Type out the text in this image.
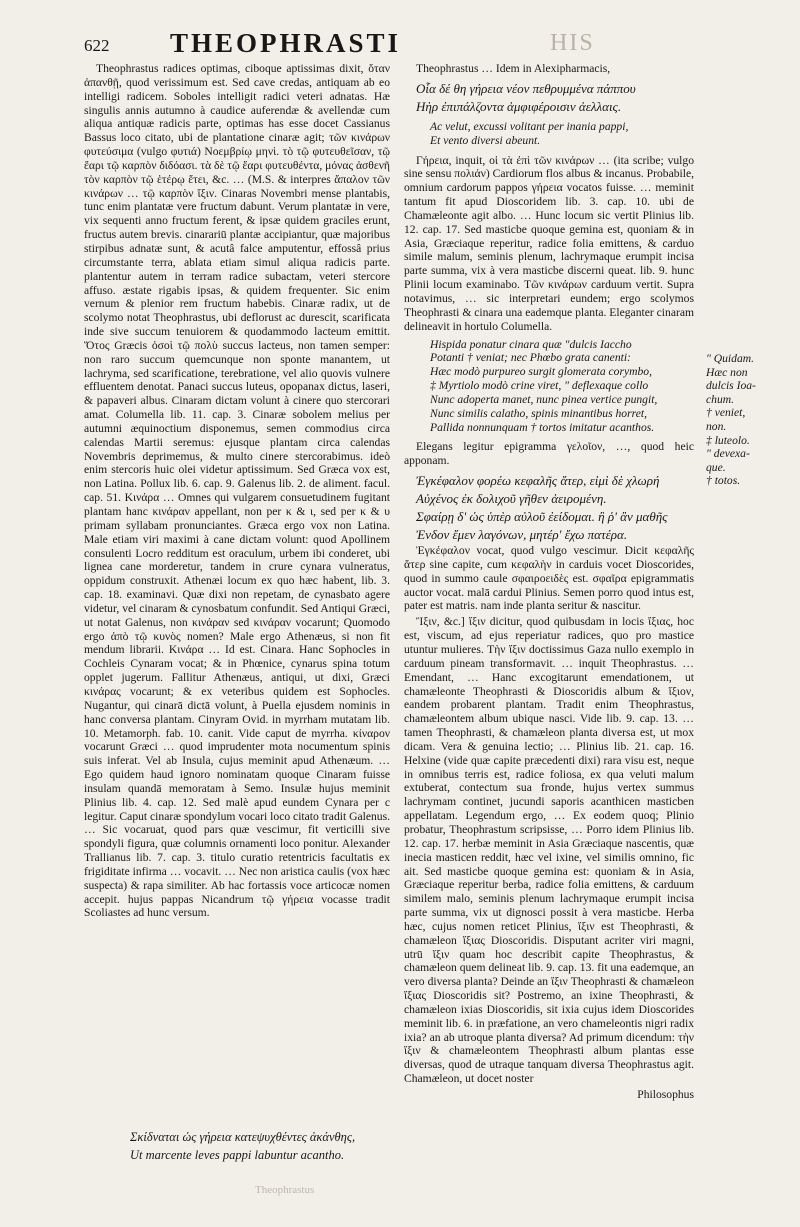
622 THEOPHRASTI	HIS

Theophrastus radices optimas, ciboque aptissimas dixit, ὅταν ἀπανθῇ, quod verissimum est. Sed cave credas, antiquam ab eo intelligi radicem. Soboles intelligit radici veteri adnatas. Hæ singulis annis autumno à caudice auferendæ & avellendæ cum aliqua antiquæ radicis parte, optimas has esse docet Cassianus Bassus loco citato, ubi de plantatione cinaræ agit; τῶν κινάρων φυτεύσιμα (vulgo φυτιά) Νοεμβρίῳ μηνὶ. τὸ τῷ φυτευθεῖσαν, τῷ ἔαρι τῷ καρπὸν διδόασι. τὰ δὲ τῷ ἔαρι φυτευθέντα, μόνας ἀσθενῆ τὸν καρπὸν τῷ ἑτέρῳ ἔτει, &c. … (M.S. & interpres ἄπαλον τῶν κινάρων … τῷ καρπὸν ἴξιν. Cinaras Novembri mense plantabis, tunc enim plantatæ vere fructum dabunt. Verum plantatæ in vere, vix sequenti anno fructum ferent, & ipsæ quidem graciles erunt, fructus autem brevis. cinarariū plantæ accipiantur, quæ majoribus stirpibus adnatæ sunt, & acutâ falce amputentur, effossâ prius circumstante terra, ablata etiam simul aliqua radicis parte. plantentur autem in terram radice subactam, veteri stercore affuso. æstate rigabis ipsas, & quidem frequenter. Sic enim vernum & plenior rem fructum habebis. Cinaræ radix, ut de scolymo notat Theophrastus, ubi deflorust ac durescit, scarificata inde sive succum tenuiorem & quodammodo lacteum emittit. Ὅτος Græcis ὀσοὶ τῷ πολὺ succus lacteus, non tamen semper: non raro succum quemcunque non sponte manantem, ut lachryma, sed scarificatione, terebratione, vel alio quovis vulnere effluentem denotat. Panaci succus luteus, opopanax dictus, laseri, & papaveri albus. Cinaram dictam volunt à cinere quo stercorari amat. Columella lib. 11. cap. 3. Cinaræ sobolem melius per autumni æquinoctium disponemus, semen commodius circa calendas Martii seremus: ejusque plantam circa calendas Novembris deprimemus, & multo cinere stercorabimus. ideò enim stercoris huic olei videtur aptissimum. Sed Græca vox est, non Latina. Pollux lib. 6. cap. 9. Galenus lib. 2. de aliment. facul. cap. 51. Κινάρα … Omnes qui vulgarem consuetudinem fugitant plantam hanc κινάραν appellant, non per κ & ι, sed per κ & υ primam syllabam pronunciantes. Græca ergo vox non Latina. Male etiam viri maximi à cane dictam volunt: quod Apollinem consulenti Locro redditum est oraculum, urbem ibi conderet, ubi lignea cane morderetur, tandem in crure cynara vulneratus, oppidum construxit. Athenæi locum ex quo hæc habent, lib. 3. cap. 18. examinavi. Quæ dixi non repetam, de cynasbato agere videtur, vel cinaram & cynosbatum confundit. Sed Antiqui Græci, ut notat Galenus, non κινάραν sed κινάραν vocarunt; Quomodo ergo ἀπὸ τῷ κυνὸς nomen? Male ergo Athenæus, si non fit mendum librarii. Κινάρα … Id est. Cinara. Hanc Sophocles in Cochleis Cynaram vocat; & in Phœnice, cynarus spina totum opplet jugerum. Fallitur Athenæus, antiqui, ut dixi, Græci κινάρας vocarunt; & ex veteribus quidem est Sophocles. Nugantur, qui cinarā dictā volunt, à Puella ejusdem nominis in hanc conversa plantam. Cinyram Ovid. in myrrham mutatam lib. 10. Metamorph. fab. 10. canit. Vide caput de myrrha. κίναρον vocarunt Græci … quod imprudenter mota nocumentum spinis suis inferat. Vel ab Insula, cujus meminit apud Athenæum. … Ego quidem haud ignoro nominatam quoque Cinaram fuisse insulam quandā memoratam à Semo. Insulæ hujus meminit Plinius lib. 4. cap. 12. Sed malè apud eundem Cynara per c legitur. Caput cinaræ spondylum vocari loco citato tradit Galenus. … Sic vocaruat, quod pars quæ vescimur, fit verticilli sive spondyli figura, quæ columnis ornamenti loco ponitur. Alexander Trallianus lib. 7. cap. 3. titulo curatio retentricis facultatis ex frigiditate infirma … vocavit. … Nec non aristica caulis (vox hæc suspecta) & rapa similiter. Ab hac fortassis voce articocæ nomen accepit. hujus pappas Nicandrum τῷ γήρεια vocasse tradit Scoliastes ad hunc versum.

Σκίδναται ὡς γήρεια κατεψυχθέντες ἀκάνθης,
Ut marcente leves pappi labuntur acantho.

Theophrastus … Idem in Alexipharmacis,

Οἷα δέ θη γήρεια νέον πεθρυμμένα πάππου
Ηὴρ ἐπιπάλζοντα ἀμφιφέροισιν ἀελλαις.
Ac velut, excussi volitant per inania pappi,
Et vento diversi abeunt.

Γήρεια, inquit, οἱ τὰ ἐπὶ τῶν κινάρων … (ita scribe; vulgo sine sensu πολιάν) Cardiorum flos albus & incanus. Probabile, omnium cardorum pappos γήρεια vocatos fuisse. … meminit tantum fit apud Dioscoridem lib. 3. cap. 10. ubi de Chamæleonte agit albo. … Hunc locum sic vertit Plinius lib. 12. cap. 17. Sed masticbe quoque gemina est, quoniam & in Asia, Græciaque reperitur, radice folia emittens, & carduo simile malum, seminis plenum, lachrymaque erumpit incisa parte summa, vix à vera masticbe discerni queat. lib. 9. hunc Plinii locum examinabo. Τῶν κινάρων carduum vertit. Supra notavimus, … sic interpretari eundem; ergo scolymos Theophrasti & cinara una eademque planta. Eleganter cinaram delineavit in hortulo Columella.

Hispida ponatur cinara quæ "dulcis Iaccho
Potanti † veniat; nec Phœbo grata canenti:
Hæc modò purpureo surgit glomerata corymbo,
‡ Myrtiolo modò crine viret, " deflexaque collo
Nunc adoperta manet, nunc pinea vertice pungit,
Nunc similis calatho, spinis minantibus horret,
Pallida nonnunquam † tortos imitatur acanthos.

Elegans legitur epigramma γελοῖον, …, quod heic apponam.

Ἐγκέφαλον φορέω κεφαλῆς ἄτερ, εἰμὶ δὲ χλωρή
Αὐχένος ἐκ δολιχοῦ γῆθεν ἀειρομένη.
Σφαίρῃ δ' ὡς ὑπὲρ αὐλοῦ ἐείδομαι. ἢ ῥ' ἂν μαθῆς
Ἐνδον ἔμεν λαγόνων, μητέρ' ἔχω πατέρα.

Ἐγκέφαλον vocat, quod vulgo vescimur. Dicit κεφαλῆς ἄτερ sine capite, cum κεφαλὴν in carduis vocet Dioscorides, quod in summo caule σφαιροειδὲς est. σφαῖρα epigrammatis auctor vocat. malā cardui Plinius. Semen porro quod intus est, pater est matris. nam inde planta seritur & nascitur.

Ἴξιν, &c.] ἴξιν dicitur, quod quibusdam in locis ἴξιας, hoc est, viscum, ad ejus reperiatur radices, quo pro mastice utuntur mulieres. Τὴν ἴξιν doctissimus Gaza nullo exemplo in carduum pineam transformavit. … inquit Theophrastus. … Emendant, … Hanc excogitarunt emendationem, ut chamæleonte Theophrasti & Dioscoridis album & ἴξιον, eandem probarent plantam. Tradit enim Theophrastus, chamæleontem album ubique nasci. Vide lib. 9. cap. 13. … tamen Theophrasti, & chamæleon planta diversa est, ut mox dicam. Vera & genuina lectio; … Plinius lib. 21. cap. 16. Helxine (vide quæ capite præcedenti dixi) rara visu est, neque in omnibus terris est, radice foliosa, ex qua veluti malum extuberat, contectum sua fronde, hujus vertex summus lachrymam continet, jucundi saporis acanthicen masticben appellatam. Legendum ergo, … Ex eodem quoq; Plinio probatur, Theophrastum scripsisse, … Porro idem Plinius lib. 12. cap. 17. herbæ meminit in Asia Græciaque nascentis, quæ inecia masticen reddit, hæc vel ixine, vel similis omnino, fic ait. Sed masticbe quoque gemina est: quoniam & in Asia, Græciaque reperitur berba, radice folia emittens, & carduum similem malo, seminis plenum lachrymaque erumpit incisa parte summa, vix ut dignosci possit à vera masticbe. Herba hæc, cujus nomen reticet Plinius, ἴξιν est Theophrasti, & chamæleon ἴξιας Dioscoridis. Disputant acriter viri magni, utrū ἴξιν quam hoc describit capite Theophrastus, & chamæleon quem delineat lib. 9. cap. 13. fit una eademque, an vero diversa planta? Deinde an ἴξιν Theophrasti & chamæleon ἴξιας Dioscoridis sit? Postremo, an ixine Theophrasti, & chamæleon ixias Dioscoridis, sit ixia cujus idem Dioscorides meminit lib. 6. in præfatione, an vero chameleontis nigri radix ixia? an ab utroque planta diversa? Ad primum dicendum: τὴν ἴξιν & chamæleontem Theophrasti album plantas esse diversas, quod de utraque tanquam diversa Theophrastus agit. Chamæleon, ut docet noster

Philosophus
" Quidam.
Hæc non
dulcis Ioa-
chum.
† veniet,
non.
‡ luteolo.
" devexa-
que.
† totos.
Theophrastus
